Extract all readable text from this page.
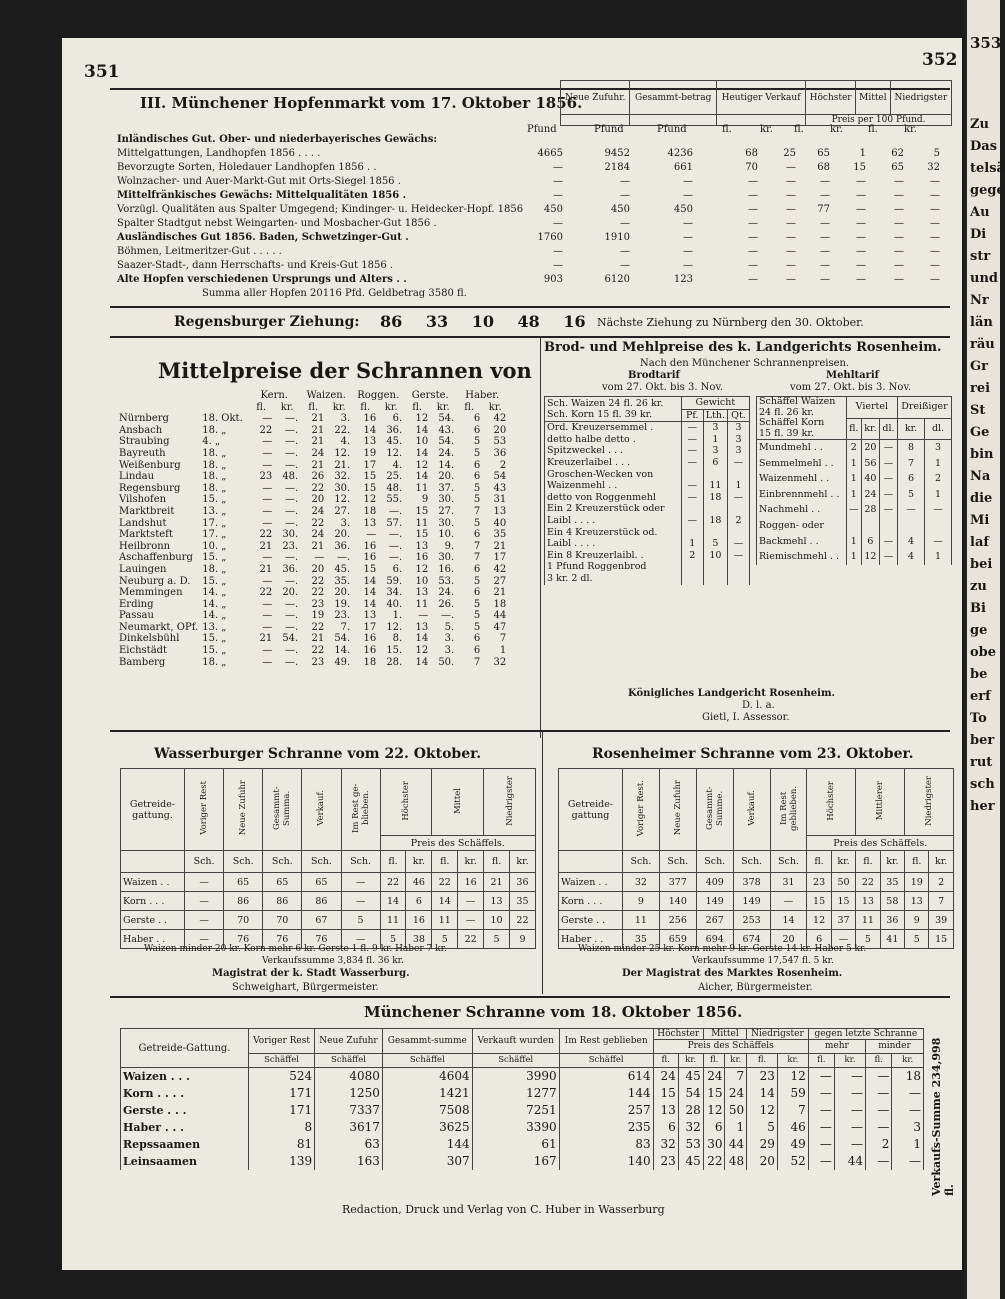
351
352
III. Münchener Hopfenmarkt vom 17. Oktober 1856.
Neue Zufuhr.	Gesammt-betrag	Heutiger Verkauf	Höchster	Mittel	Niedrigster
			Preis per 100 Pfund.		
Pfund	Pfund	Pfund	fl.	kr.	fl.	kr.	fl.	kr.
Inländisches Gut. Ober- und niederbayerisches Gewächs:
Mittelgattungen, Landhopfen 1856 . . . .	4665	9452	4236	68	25	65	1	62	5
Bevorzugte Sorten, Holedauer Landhopfen 1856 . .	—	2184	661	70	—	68	15	65	32
Wolnzacher- und Auer-Markt-Gut mit Orts-Siegel 1856 .	—	—	—	—	—	—	—	—	—
Mittelfränkisches Gewächs: Mittelqualitäten 1856 .	—	—	—	—	—	—	—	—	—
Vorzügl. Qualitäten aus Spalter Umgegend; Kindinger- u. Heidecker-Hopf. 1856	450	450	450	—	—	77	—	—	—
Spalter Stadtgut nebst Weingarten- und Mosbacher-Gut 1856 .	—	—	—	—	—	—	—	—	—
Ausländisches Gut 1856. Baden, Schwetzinger-Gut .	1760	1910	—	—	—	—	—	—	—
Böhmen, Leitmeritzer-Gut . . . . .	—	—	—	—	—	—	—	—	—
Saazer-Stadt-, dann Herrschafts- und Kreis-Gut 1856 .	—	—	—	—	—	—	—	—	—
Alte Hopfen verschiedenen Ursprungs und Alters . .	903	6120	123	—	—	—	—	—	—
Summa aller Hopfen 20116 Pfd. Geldbetrag 3580 fl.
Regensburger Ziehung: 86 33 10 48 16 Nächste Ziehung zu Nürnberg den 30. Oktober.
Mittelpreise der Schrannen von
		Kern.		Waizen.		Roggen.		Gerste.		Haber.	
		fl.	kr.	fl.	kr.	fl.	kr.	fl.	kr.	fl.	kr.
Nürnberg	18. Okt.	—	—.	21	3.	16	6.	12	54.	6	42
Ansbach	18. „	22	—.	21	22.	14	36.	14	43.	6	20
Straubing	4. „	—	—.	21	4.	13	45.	10	54.	5	53
Bayreuth	18. „	—	—.	24	12.	19	12.	14	24.	5	36
Weißenburg	18. „	—	—.	21	21.	17	4.	12	14.	6	2
Lindau	18. „	23	48.	26	32.	15	25.	14	20.	6	54
Regensburg	18. „	—	—.	22	30.	15	48.	11	37.	5	43
Vilshofen	15. „	—	—.	20	12.	12	55.	9	30.	5	31
Marktbreit	13. „	—	—.	24	27.	18	—.	15	27.	7	13
Landshut	17. „	—	—.	22	3.	13	57.	11	30.	5	40
Marktsteft	17. „	22	30.	24	20.	—	—.	15	10.	6	35
Heilbronn	10. „	21	23.	21	36.	16	—.	13	9.	7	21
Aschaffenburg	15. „	—	—.	—	—.	16	—.	16	30.	7	17
Lauingen	18. „	21	36.	20	45.	15	6.	12	16.	6	42
Neuburg a. D.	15. „	—	—.	22	35.	14	59.	10	53.	5	27
Memmingen	14. „	22	20.	22	20.	14	34.	13	24.	6	21
Erding	14. „	—	—.	23	19.	14	40.	11	26.	5	18
Passau	14. „	—	—.	19	23.	13	1.	—	—.	5	44
Neumarkt, OPf.	13. „	—	—.	22	7.	17	12.	13	5.	5	47
Dinkelsbühl	15. „	21	54.	21	54.	16	8.	14	3.	6	7
Eichstädt	15. „	—	—.	22	14.	16	15.	12	3.	6	1
Bamberg	18. „	—	—.	23	49.	18	28.	14	50.	7	32
Brod- und Mehlpreise des k. Landgerichts Rosenheim.
Nach den Münchener Schrannenpreisen.
Brodtarif
vom 27. Okt. bis 3. Nov.
Mehltarif
vom 27. Okt. bis 3. Nov.
Sch. Waizen 24 fl. 26 kr.
Sch. Korn 15 fl. 39 kr.	Gewicht		
	Pf.	Lth.	Qt.
Ord. Kreuzersemmel .	—	3	3
detto halbe detto .	—	1	3
Spitzweckel . . .	—	3	3
Kreuzerlaibel . . .	—	6	—
Groschen-Wecken von			
Waizenmehl . .	—	11	1
detto von Roggenmehl	—	18	—
Ein 2 Kreuzerstück oder			
Laibl . . . .	—	18	2
Ein 4 Kreuzerstück od.			
Laibl . . . .	1	5	—
Ein 8 Kreuzerlaibl. .	2	10	—
1 Pfund Roggenbrod			
3 kr. 2 dl.			
Schäffel Waizen
24 fl. 26 kr.
Schäffel Korn
15 fl. 39 kr.	Viertel			Dreißiger	
	fl.	kr.	dl.	kr.	dl.
Mundmehl . .	2	20	—	8	3
Semmelmehl . .	1	56	—	7	1
Waizenmehl . .	1	40	—	6	2
Einbrennmehl . .	1	24	—	5	1
Nachmehl . .	—	28	—	—	—
Roggen- oder					
Backmehl . .	1	6	—	4	—
Riemischmehl . .	1	12	—	4	1
Königliches Landgericht Rosenheim.
D. l. a.
Gietl, I. Assessor.
Wasserburger Schranne vom 22. Oktober.
Getreide-gattung.	Voriger Rest	Neue Zufuhr	Gesammt-Summa.	Verkauf.	Im Rest ge-blieben.	Höchster		Mittel		Niedrigster	
						Preis des Schäffels.					
	Sch.	Sch.	Sch.	Sch.	Sch.	fl.	kr.	fl.	kr.	fl.	kr.
Waizen . .	—	65	65	65	—	22	46	22	16	21	36
Korn . . .	—	86	86	86	—	14	6	14	—	13	35
Gerste . .	—	70	70	67	5	11	16	11	—	10	22
Haber . .	—	76	76	76	—	5	38	5	22	5	9
Waizen minder 20 kr. Korn mehr 6 kr. Gerste 1 fl. 9 kr. Haber 7 kr.
Verkaufssumme 3,834 fl. 36 kr.
Magistrat der k. Stadt Wasserburg.
Schweighart, Bürgermeister.
Rosenheimer Schranne vom 23. Oktober.
Getreide-gattung	Voriger Rest.	Neue Zufuhr	Gesammt-Summe.	Verkauf.	Im Rest geblieben.	Höchster		Mittlerer		Niedrigster	
						Preis des Schäffels.					
	Sch.	Sch.	Sch.	Sch.	Sch.	fl.	kr.	fl.	kr.	fl.	kr.
Waizen . .	32	377	409	378	31	23	50	22	35	19	2
Korn . . .	9	140	149	149	—	15	15	13	58	13	7
Gerste . .	11	256	267	253	14	12	37	11	36	9	39
Haber . .	35	659	694	674	20	6	—	5	41	5	15
Waizen minder 25 kr. Korn mehr 9 kr. Gerste 14 kr. Haber 5 kr.
Verkaufssumme 17,547 fl. 5 kr.
Der Magistrat des Marktes Rosenheim.
Aicher, Bürgermeister.
Münchener Schranne vom 18. Oktober 1856.
Getreide-Gattung.	Voriger Rest	Neue Zufuhr	Gesammt-summe	Verkauft wurden	Im Rest geblieben	Höchster		Mittel		Niedrigster		gegen letzte Schranne			
						Preis des Schäffels						mehr		minder	
	Schäffel	Schäffel	Schäffel	Schäffel	Schäffel	fl.	kr.	fl.	kr.	fl.	kr.	fl.	kr.	fl.	kr.
Waizen . . .	524	4080	4604	3990	614	24	45	24	7	23	12	—	—	—	18
Korn . . . .	171	1250	1421	1277	144	15	54	15	24	14	59	—	—	—	—
Gerste . . .	171	7337	7508	7251	257	13	28	12	50	12	7	—	—	—	—
Haber . . .	8	3617	3625	3390	235	6	32	6	1	5	46	—	—	—	3
Repssaamen	81	63	144	61	83	32	53	30	44	29	49	—	—	2	1
Leinsaamen	139	163	307	167	140	23	45	22	48	20	52	—	44	—	— Verkaufs-Summe 234,998 fl.
Redaction, Druck und Verlag von C. Huber in Wasserburg
353
Zu
Das
telsä
gege
Au
Di
str
und
Nr
län
räu
Gr
rei
St
Ge
bin
Na
die
Mi
laf
bei
zu
Bi
ge
obe
be
erf
To
ber
rut
sch
her
